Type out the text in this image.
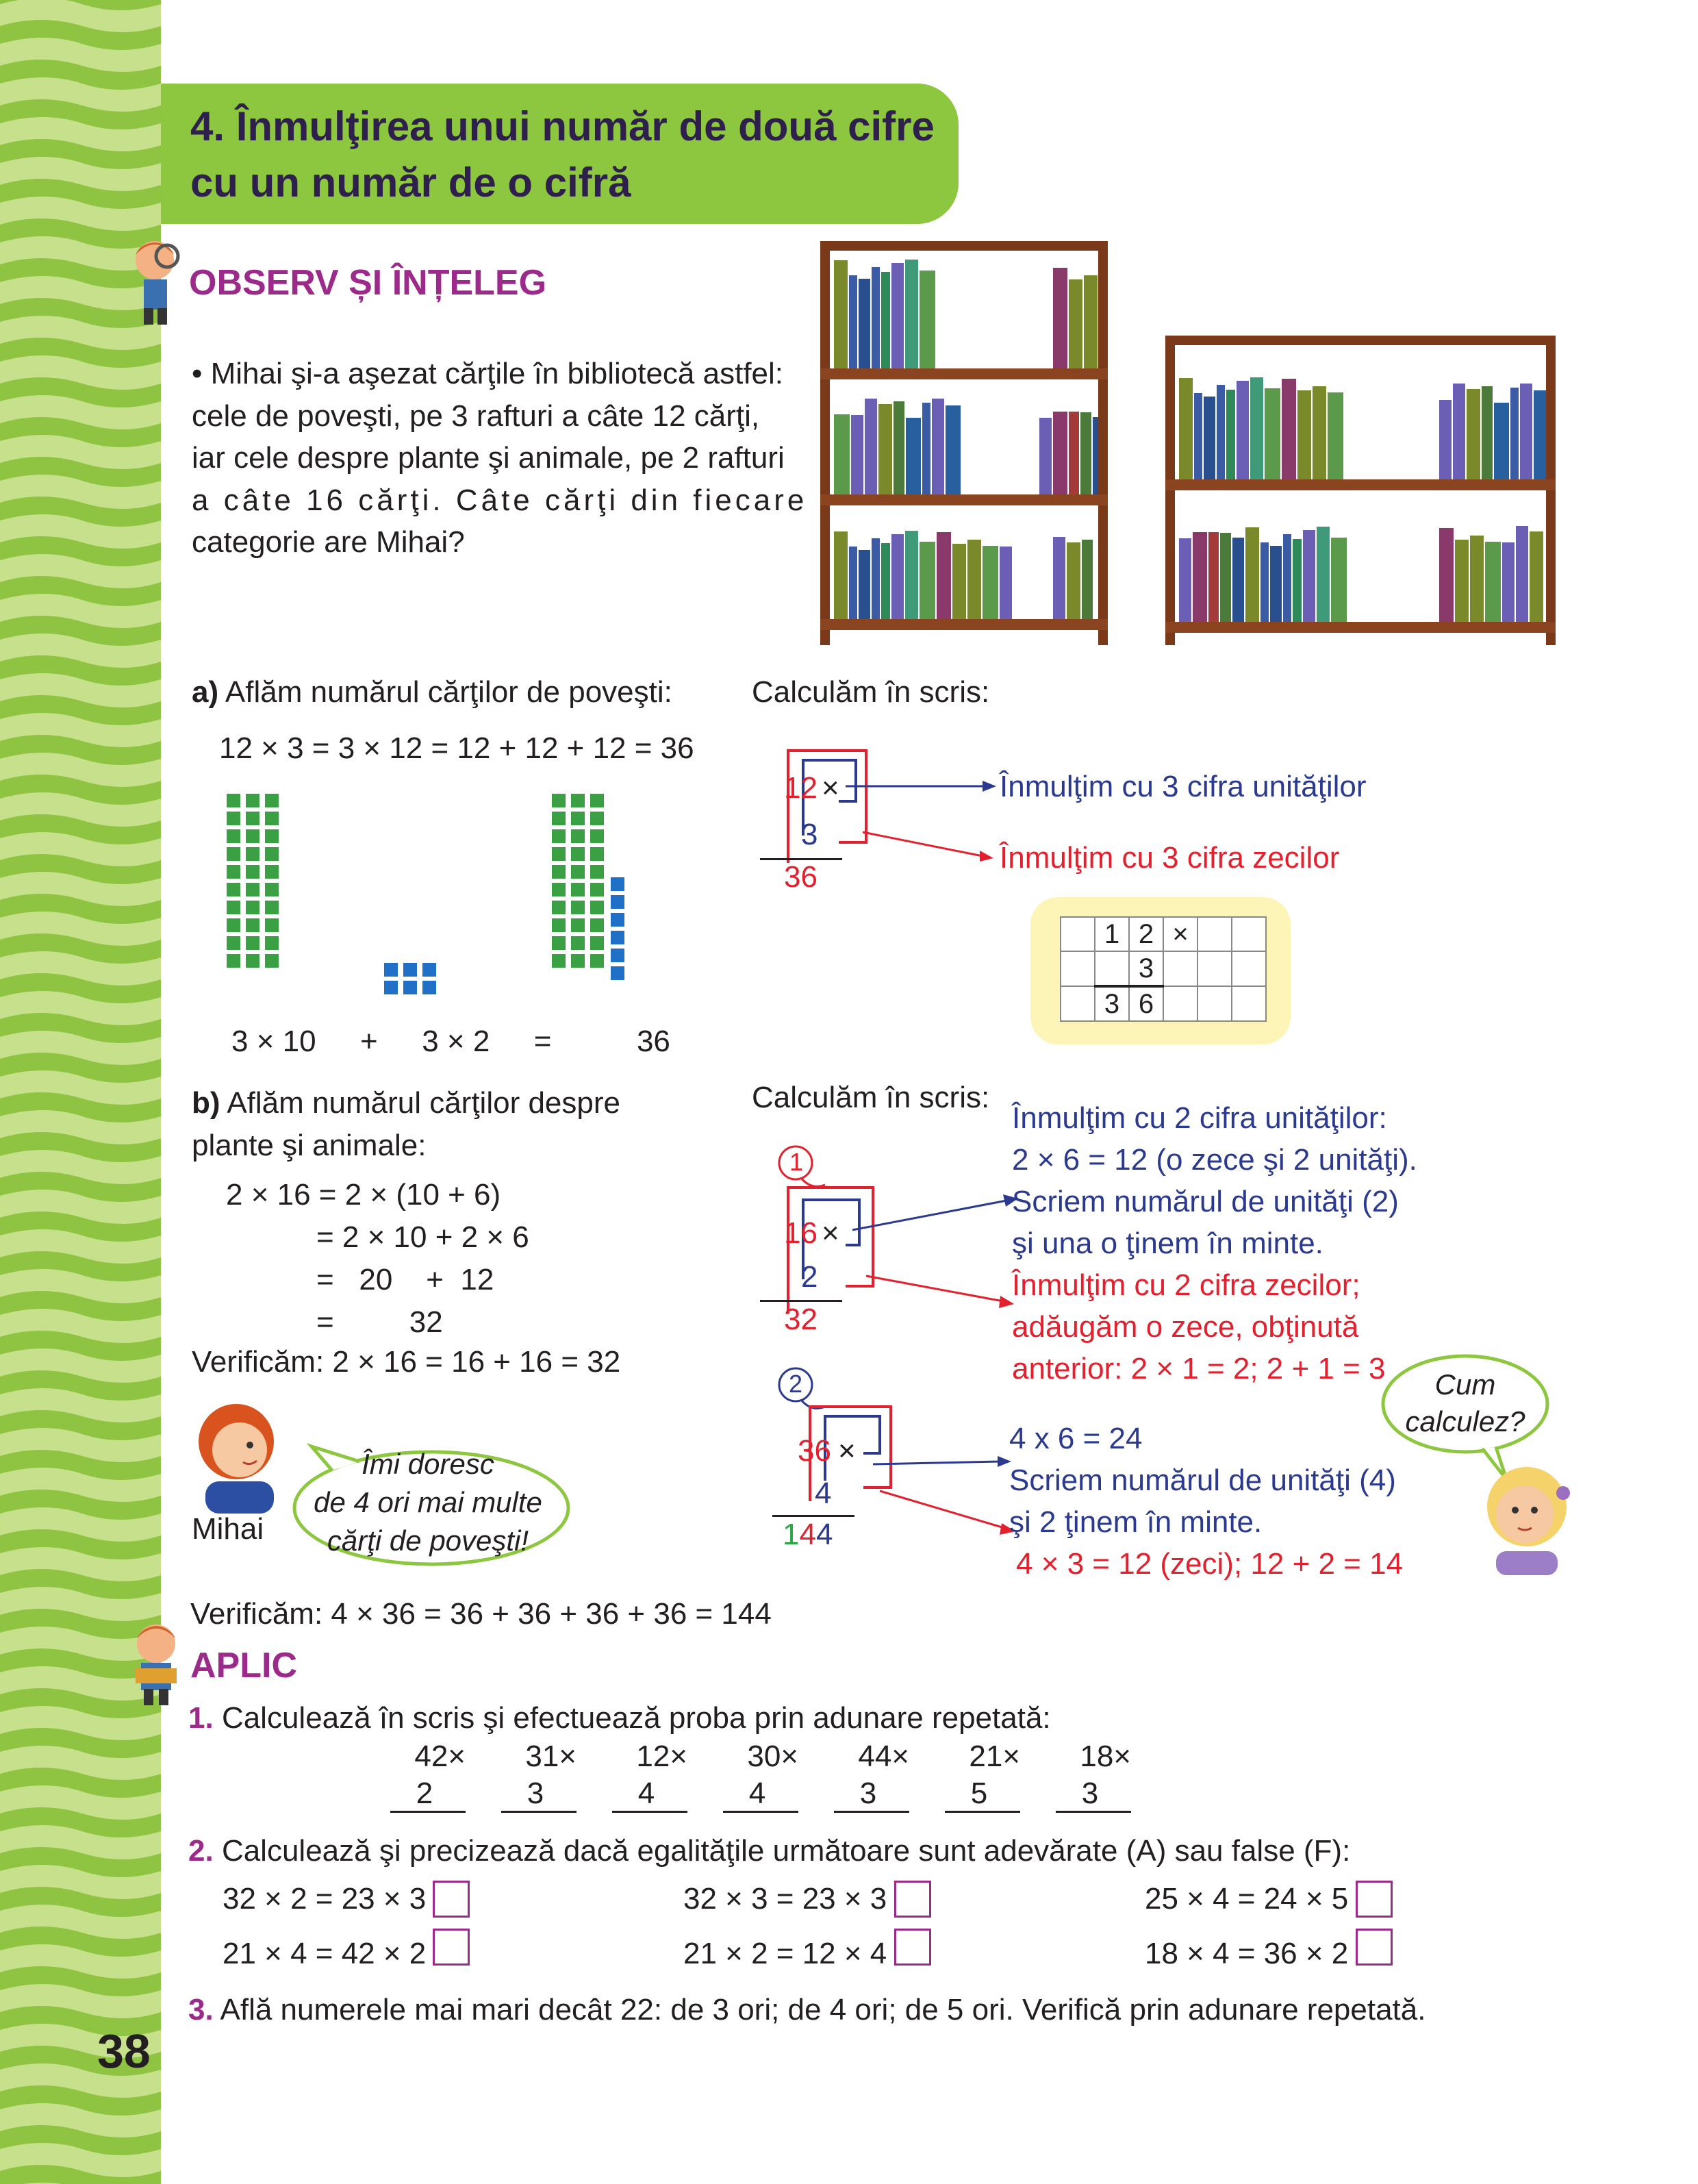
4. Înmulţirea unui număr de două cifre
cu un număr de o cifră
OBSERV ȘI ÎNȚELEG
• Mihai şi-a aşezat cărţile în bibliotecă astfel:
cele de poveşti, pe 3 rafturi a câte 12 cărţi,
iar cele despre plante şi animale, pe 2 rafturi
a câte 16 cărţi. Câte cărţi din fiecare
categorie are Mihai?
a) Aflăm numărul cărţilor de poveşti:
12 × 3 = 3 × 12 = 12 + 12 + 12 = 36
3 × 10 + 3 × 2 =	36
Calculăm în scris:
12 ×
3
36
Înmulţim cu 3 cifra unităţilor
Înmulţim cu 3 cifra zecilor
	1	2	×		
		3			
	3	6			
b) Aflăm numărul cărţilor despre
plante şi animale:
2 × 16 = 2 × (10 + 6)
= 2 × 10 + 2 × 6
=   20    +  12
=         32
Verificăm: 2 × 16 = 16 + 16 = 32
Calculăm în scris:
1
16 ×
2
32
Înmulţim cu 2 cifra unităţilor:
2 × 6 = 12 (o zece şi 2 unităţi).
Scriem numărul de unităţi (2)
şi una o ţinem în minte.
Înmulţim cu 2 cifra zecilor;
adăugăm o zece, obţinută
anterior: 2 × 1 = 2; 2 + 1 = 3
2
36 ×
4
144
4 x 6 = 24
Scriem numărul de unităţi (4)
şi 2 ţinem în minte.
4 × 3 = 12 (zeci); 12 + 2 = 14
Mihai
Îmi doresc
de 4 ori mai multe
cărţi de poveşti!
Cum
calculez?
Verificăm: 4 × 36 = 36 + 36 + 36 + 36 = 144
APLIC
1. Calculează în scris şi efectuează proba prin adunare repetată:
42×
2
31×
3
12×
4
30×
4
44×
3
21×
5
18×
3
2. Calculează şi precizează dacă egalităţile următoare sunt adevărate (A) sau false (F):
32 × 2 = 23 × 3	32 × 3 = 23 × 3	25 × 4 = 24 × 5
21 × 4 = 42 × 2	21 × 2 = 12 × 4	18 × 4 = 36 × 2
3. Află numerele mai mari decât 22: de 3 ori; de 4 ori; de 5 ori. Verifică prin adunare repetată.
38
